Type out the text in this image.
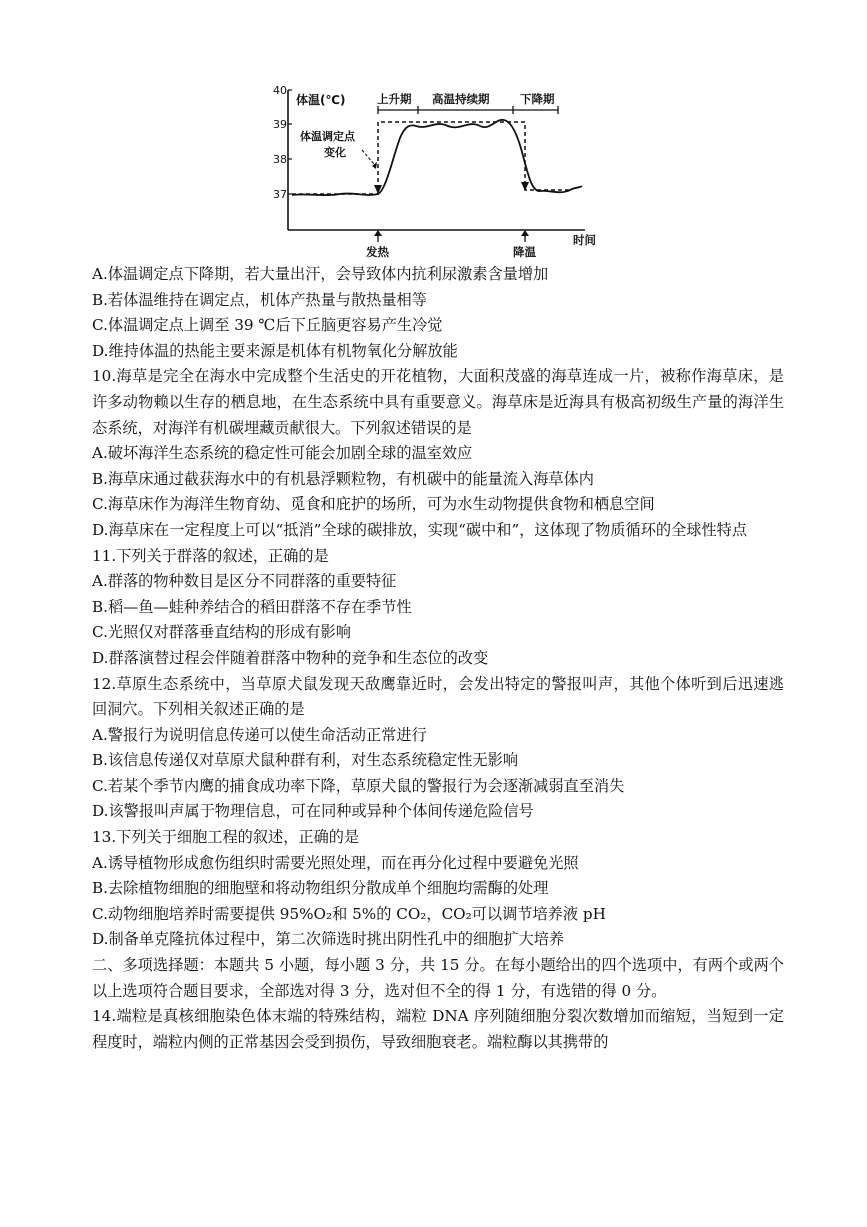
40
39
38
37
体温(℃)	上升期 高温持续期	下降期
体温调定点
变化
发热	降温
时间
A.体温调定点下降期，若大量出汗，会导致体内抗利尿激素含量增加
B.若体温维持在调定点，机体产热量与散热量相等
C.体温调定点上调至 39 ℃后下丘脑更容易产生冷觉
D.维持体温的热能主要来源是机体有机物氧化分解放能
10.海草是完全在海水中完成整个生活史的开花植物，大面积茂盛的海草连成一片，被称作海草床，是许多动物赖以生存的栖息地，在生态系统中具有重要意义。海草床是近海具有极高初级生产量的海洋生态系统，对海洋有机碳埋藏贡献很大。下列叙述错误的是
A.破坏海洋生态系统的稳定性可能会加剧全球的温室效应
B.海草床通过截获海水中的有机悬浮颗粒物，有机碳中的能量流入海草体内
C.海草床作为海洋生物育幼、觅食和庇护的场所，可为水生动物提供食物和栖息空间
D.海草床在一定程度上可以“抵消”全球的碳排放，实现“碳中和”，这体现了物质循环的全球性特点
11.下列关于群落的叙述，正确的是
A.群落的物种数目是区分不同群落的重要特征
B.稻—鱼—蛙种养结合的稻田群落不存在季节性
C.光照仅对群落垂直结构的形成有影响
D.群落演替过程会伴随着群落中物种的竞争和生态位的改变
12.草原生态系统中，当草原犬鼠发现天敌鹰靠近时，会发出特定的警报叫声，其他个体听到后迅速逃回洞穴。下列相关叙述正确的是
A.警报行为说明信息传递可以使生命活动正常进行
B.该信息传递仅对草原犬鼠种群有利，对生态系统稳定性无影响
C.若某个季节内鹰的捕食成功率下降，草原犬鼠的警报行为会逐渐减弱直至消失
D.该警报叫声属于物理信息，可在同种或异种个体间传递危险信号
13.下列关于细胞工程的叙述，正确的是
A.诱导植物形成愈伤组织时需要光照处理，而在再分化过程中要避免光照
B.去除植物细胞的细胞壁和将动物组织分散成单个细胞均需酶的处理
C.动物细胞培养时需要提供 95%O₂和 5%的 CO₂，CO₂可以调节培养液 pH
D.制备单克隆抗体过程中，第二次筛选时挑出阴性孔中的细胞扩大培养
二、多项选择题：本题共 5 小题，每小题 3 分，共 15 分。在每小题给出的四个选项中，有两个或两个以上选项符合题目要求，全部选对得 3 分，选对但不全的得 1 分，有选错的得 0 分。
14.端粒是真核细胞染色体末端的特殊结构，端粒 DNA 序列随细胞分裂次数增加而缩短，当短到一定程度时，端粒内侧的正常基因会受到损伤，导致细胞衰老。端粒酶以其携带的
